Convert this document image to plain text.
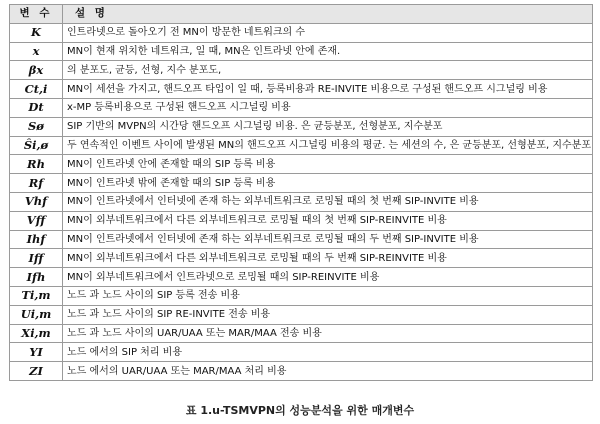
변 수	설 명
K	인트라넷으로 돌아오기 전 MN이 방문한 네트워크의 수
x	MN이 현재 위치한 네트워크, 일 때, MN은 인트라넷 안에 존재.
βx	의 분포도, 균등, 선형, 지수 분포도,
Ct,i	MN이 세션을 가지고, 핸드오프 타입이 일 때, 등록비용과 RE-INVITE 비용으로 구성된 핸드오프 시그널링 비용
Dt	x-MP 등록비용으로 구성된 핸드오프 시그널링 비용
Sø	SIP 기반의 MVPN의 시간당 핸드오프 시그널링 비용. 은 균등분포, 선형분포, 지수분포
Ŝi,ø	두 연속적인 이벤트 사이에 발생된 MN의 핸드오프 시그널링 비용의 평균. 는 세션의 수, 은 균등분포, 선형분포, 지수분포
Rh	MN이 인트라넷 안에 존재할 때의 SIP 등록 비용
Rf	MN이 인트라넷 밖에 존재할 때의 SIP 등록 비용
Vhf	MN이 인트라넷에서 인터넷에 존재 하는 외부네트워크로 로밍될 때의 첫 번째 SIP-INVITE 비용
Vff	MN이 외부네트워크에서 다른 외부네트워크로 로밍될 때의 첫 번째 SIP-REINVITE 비용
Ihf	MN이 인트라넷에서 인터넷에 존재 하는 외부네트워크로 로밍될 때의 두 번째 SIP-INVITE 비용
Iff	MN이 외부네트워크에서 다른 외부네트워크로 로밍될 때의 두 번째 SIP-REINVITE 비용
Ifh	MN이 외부네트워크에서 인트라넷으로 로밍될 때의 SIP-REINVITE 비용
Ti,m	노드 과 노드 사이의 SIP 등록 전송 비용
Ui,m	노드 과 노드 사이의 SIP RE-INVITE 전송 비용
Xi,m	노드 과 노드 사이의 UAR/UAA 또는 MAR/MAA 전송 비용
YI	노드 에서의 SIP 처리 비용
ZI	노드 에서의 UAR/UAA 또는 MAR/MAA 처리 비용
표 1.u-TSMVPN의 성능분석을 위한 매개변수
